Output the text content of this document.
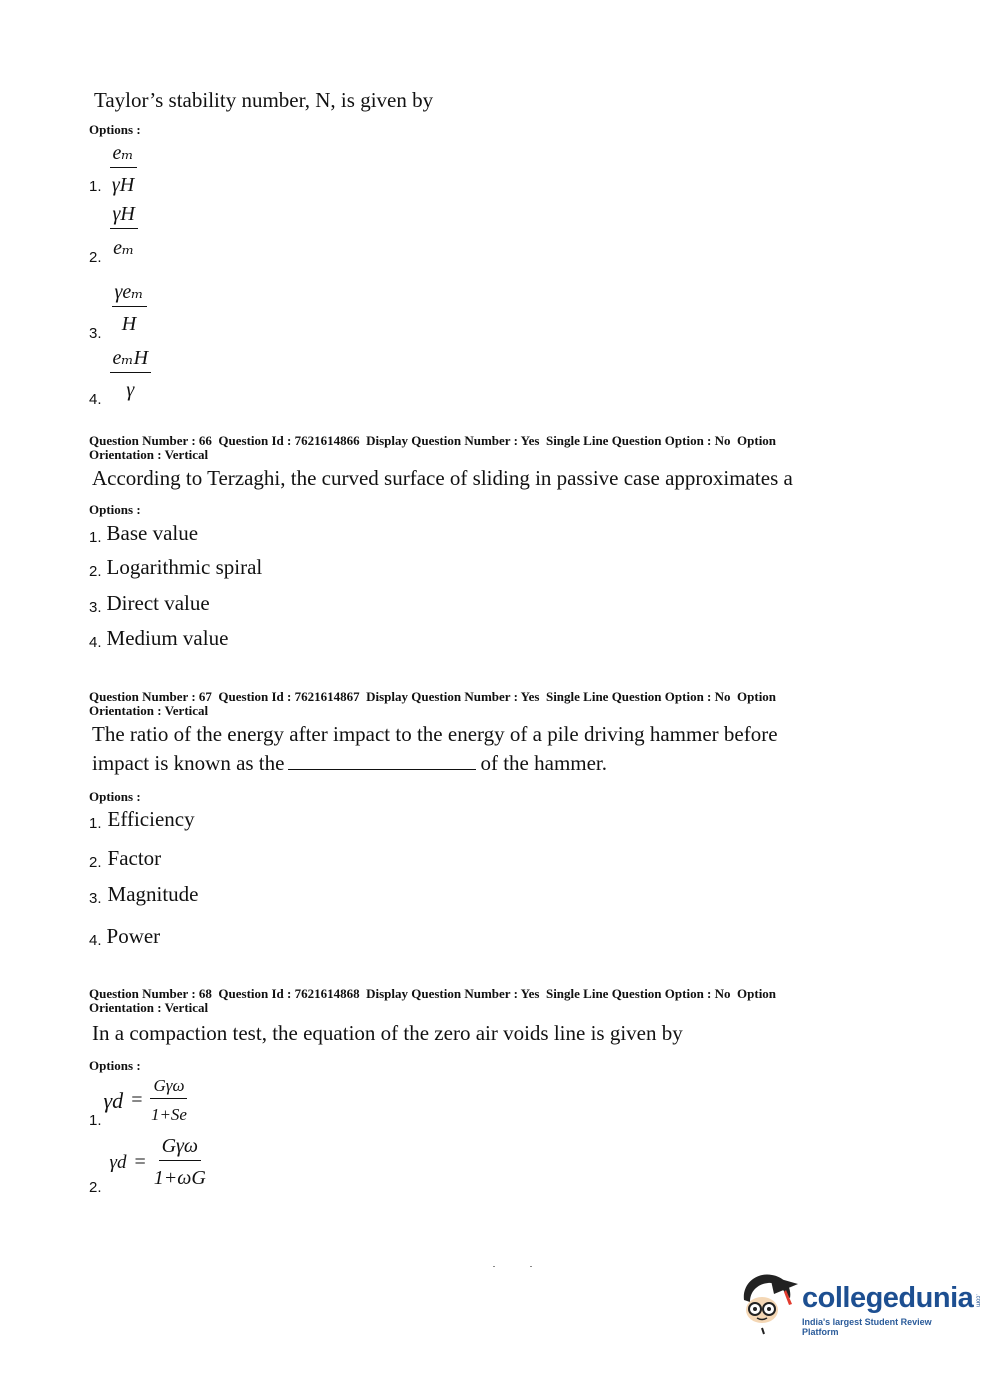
Taylor’s stability number, N, is given by
Options :
1. $\frac{\text{eₘ}}{\gamma H}$
2. $\frac{\gamma H}{\text{eₘ}}$
3. $\frac{\text{γeₘ}}{H}$
4. $\frac{\text{eₘH}}{\gamma}$
Question Number : 66  Question Id : 7621614866  Display Question Number : Yes  Single Line Question Option : No  Option
Orientation : Vertical
According to Terzaghi, the curved surface of sliding in passive case approximates a
Options :
1. Base value
2. Logarithmic spiral
3. Direct value
4. Medium value
Question Number : 67  Question Id : 7621614867  Display Question Number : Yes  Single Line Question Option : No  Option
Orientation : Vertical
The ratio of the energy after impact to the energy of a pile driving hammer before
impact is known as the	of the hammer.
Options :
1. Efficiency
2. Factor
3. Magnitude
4. Power
Question Number : 68  Question Id : 7621614868  Display Question Number : Yes  Single Line Question Option : No  Option
Orientation : Vertical
In a compaction test, the equation of the zero air voids line is given by
Options :
1.
$\gamma d = \frac{\text{Gγω}}{1+Se}$
2.
$\gamma d = \frac{\text{Gγω}}{1+\omega G}$
collegedunia .com
India's largest Student Review Platform
